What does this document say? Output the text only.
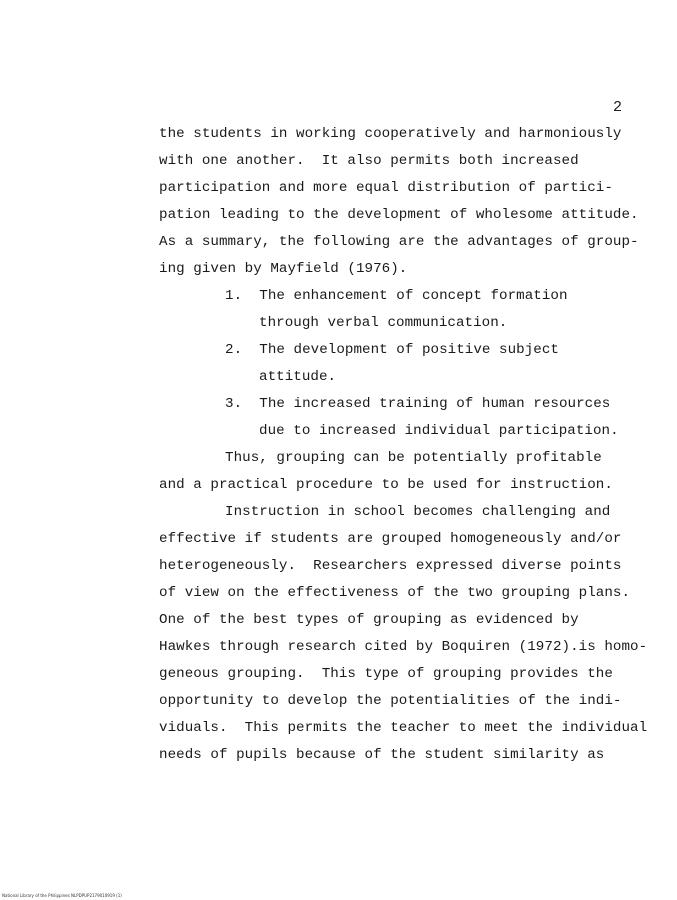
2
the students in working cooperatively and harmoniously
with one another.  It also permits both increased
participation and more equal distribution of partici-
pation leading to the development of wholesome attitude.
As a summary, the following are the advantages of group-
ing given by Mayfield (1976).
1.  The enhancement of concept formation
through verbal communication.
2.  The development of positive subject
attitude.
3.  The increased training of human resources
due to increased individual participation.
Thus, grouping can be potentially profitable
and a practical procedure to be used for instruction.
Instruction in school becomes challenging and
effective if students are grouped homogeneously and/or
heterogeneously.  Researchers expressed diverse points
of view on the effectiveness of the two grouping plans.
One of the best types of grouping as evidenced by
Hawkes through research cited by Boquiren (1972).is homo-
geneous grouping.  This type of grouping provides the
opportunity to develop the potentialities of the indi-
viduals.  This permits the teacher to meet the individual
needs of pupils because of the student similarity as
National Library of the Philippines NLPDPUP2179010919 (1)
